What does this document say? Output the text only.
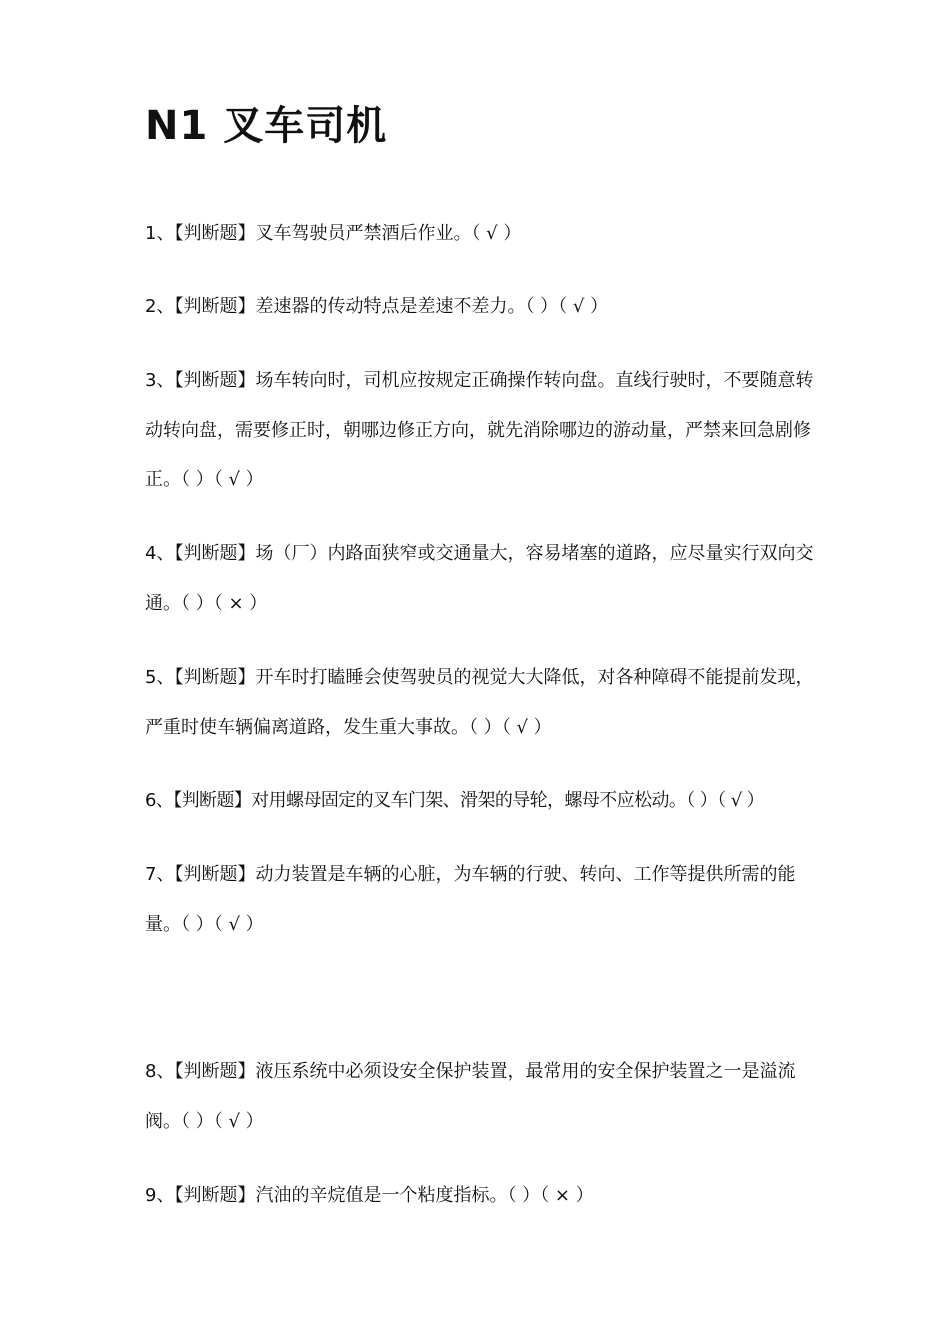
N1 叉车司机

1、【判断题】叉车驾驶员严禁酒后作业。（ √ ）

2、【判断题】差速器的传动特点是差速不差力。（ ）（ √ ）

3、【判断题】场车转向时，司机应按规定正确操作转向盘。直线行驶时，不要随意转动转向盘，需要修正时，朝哪边修正方向，就先消除哪边的游动量，严禁来回急剧修正。（ ）（ √ ）

4、【判断题】场（厂）内路面狭窄或交通量大，容易堵塞的道路，应尽量实行双向交通。（ ）（ × ）

5、【判断题】开车时打瞌睡会使驾驶员的视觉大大降低，对各种障碍不能提前发现，严重时使车辆偏离道路，发生重大事故。（ ）（ √ ）

6、【判断题】对用螺母固定的叉车门架、滑架的导轮，螺母不应松动。（ ）（ √ ）

7、【判断题】动力装置是车辆的心脏，为车辆的行驶、转向、工作等提供所需的能量。（ ）（ √ ）

8、【判断题】液压系统中必须设安全保护装置，最常用的安全保护装置之一是溢流阀。（ ）（ √ ）

9、【判断题】汽油的辛烷值是一个粘度指标。（ ）（ × ）
